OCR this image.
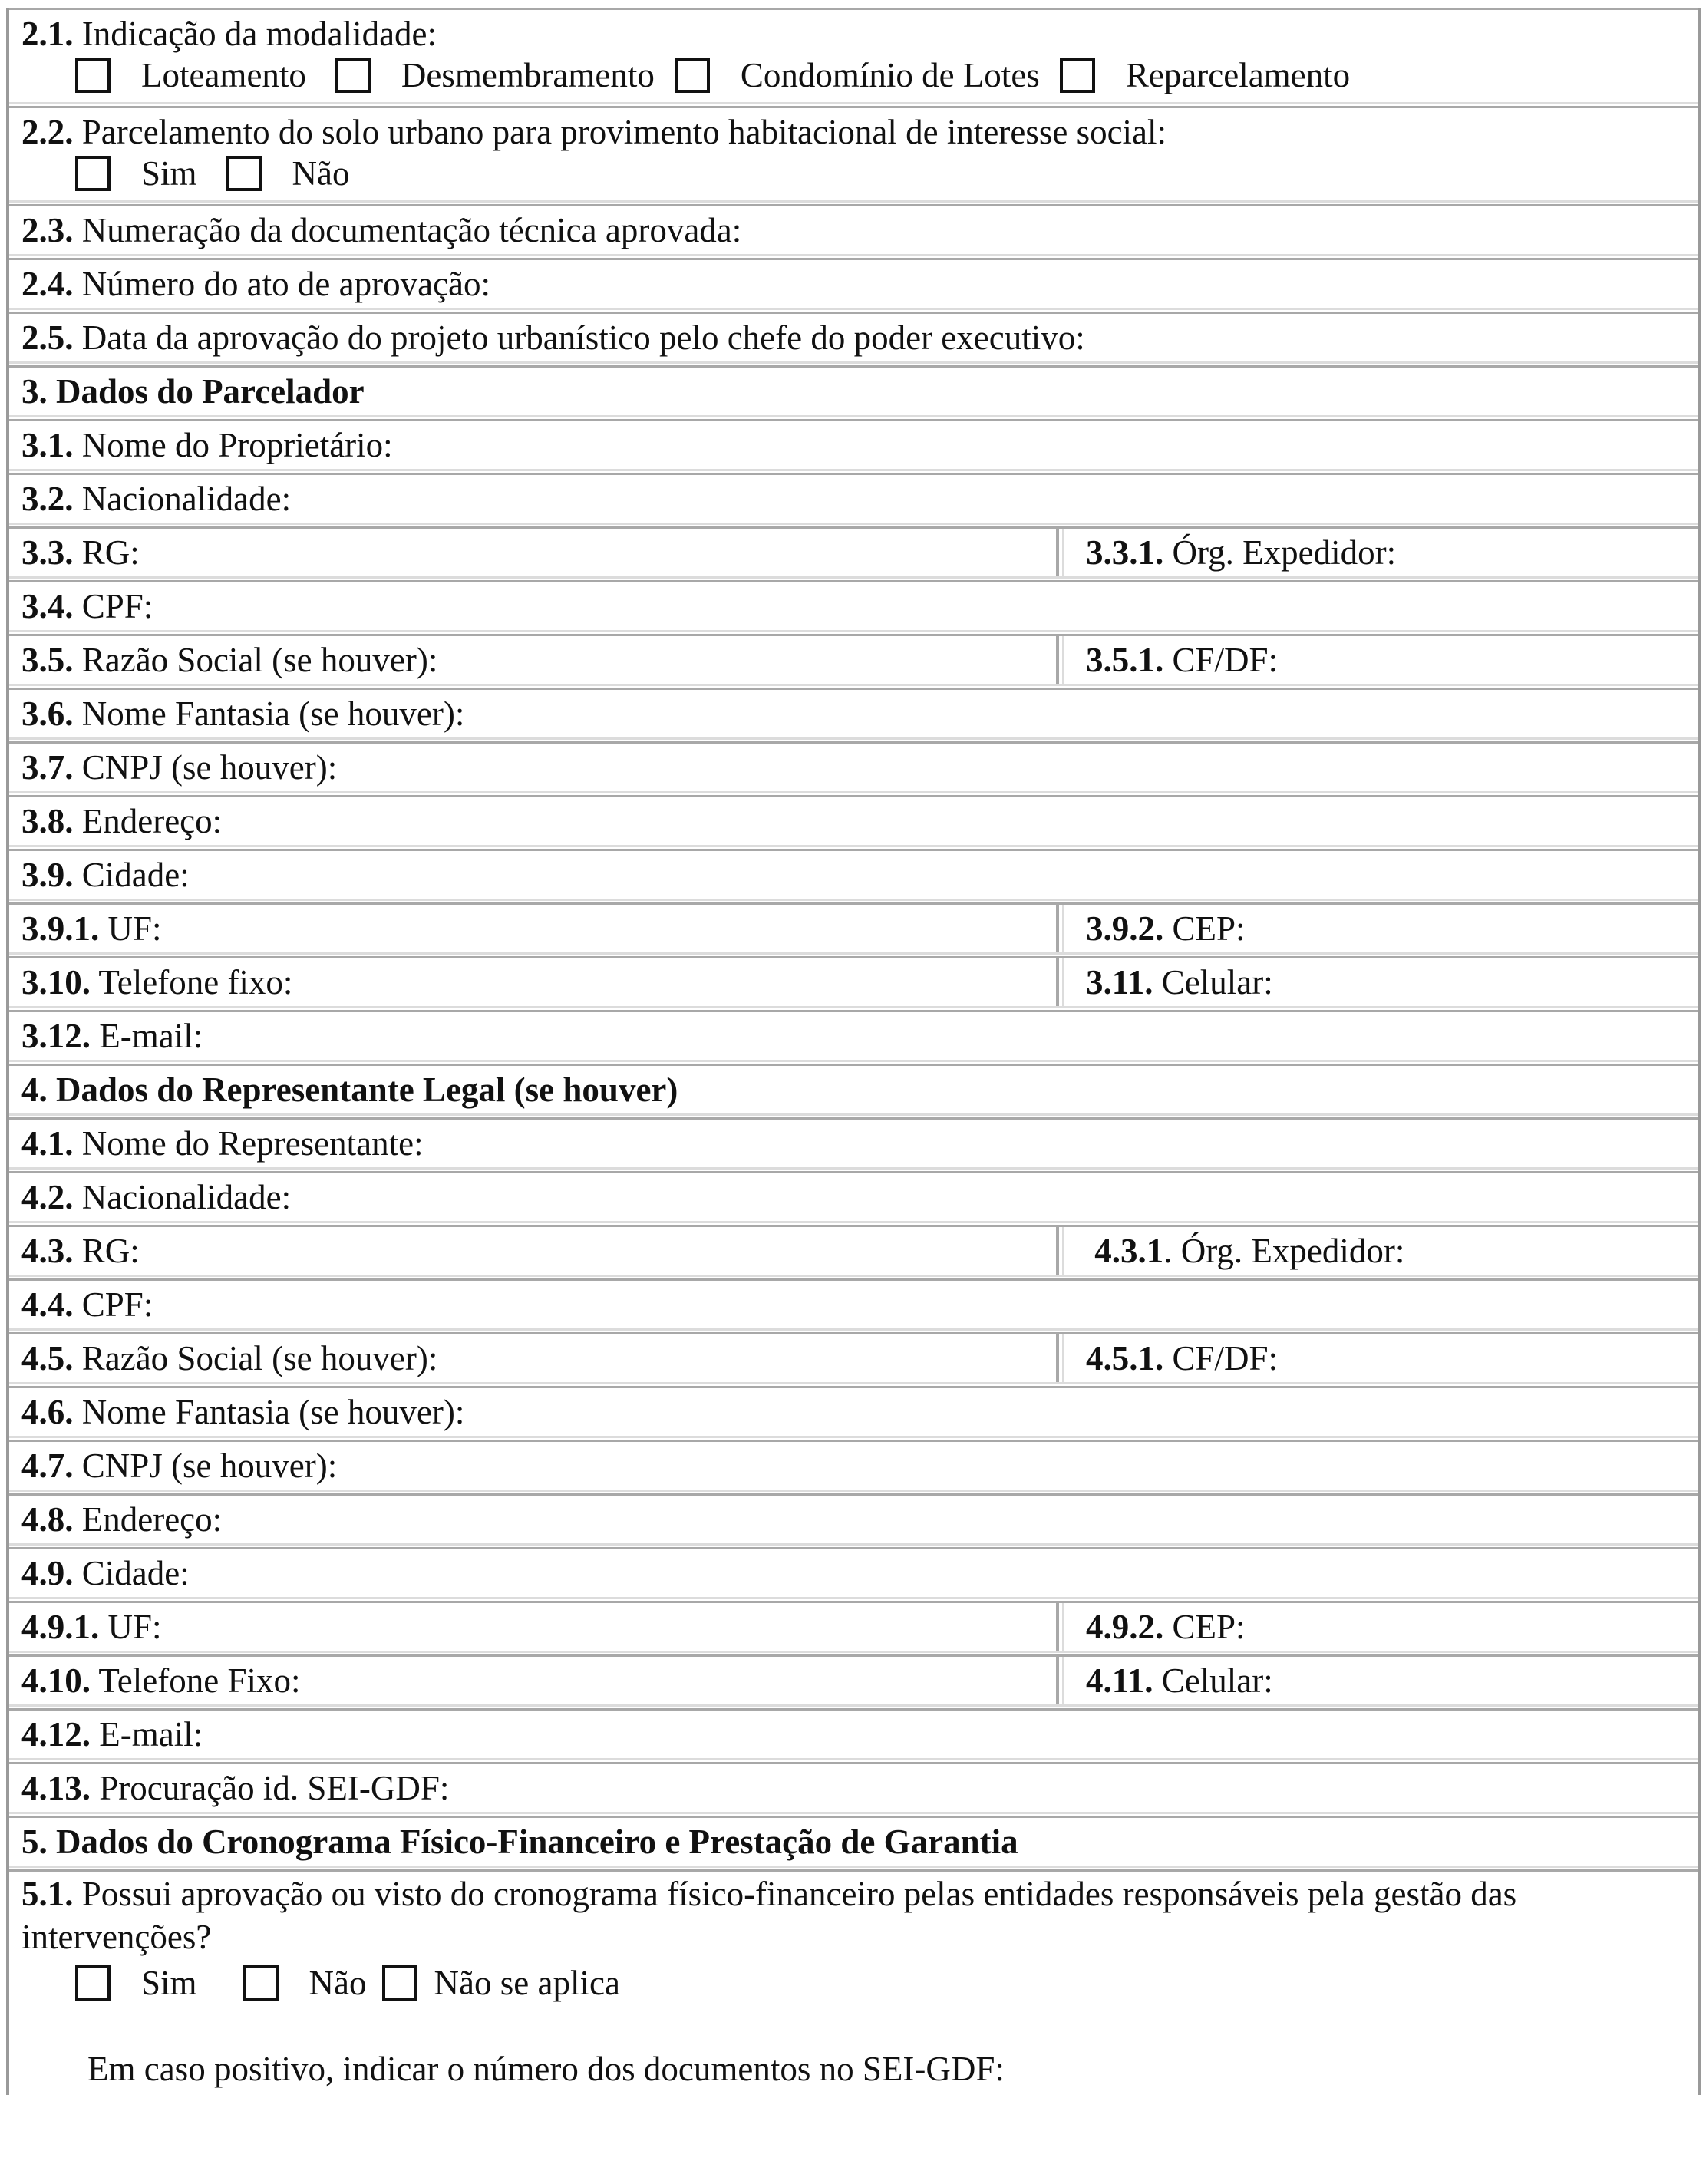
2.1. Indicação da modalidade:
Loteamento	Desmembramento Condomínio de Lotes Reparcelamento
2.2. Parcelamento do solo urbano para provimento habitacional de interesse social:
Sim	Não
2.3. Numeração da documentação técnica aprovada:
2.4. Número do ato de aprovação:
2.5. Data da aprovação do projeto urbanístico pelo chefe do poder executivo:
3. Dados do Parcelador
3.1. Nome do Proprietário:
3.2. Nacionalidade:
3.3. RG:	3.3.1. Órg. Expedidor:
3.4. CPF:
3.5. Razão Social (se houver):	3.5.1. CF/DF:
3.6. Nome Fantasia (se houver):
3.7. CNPJ (se houver):
3.8. Endereço:
3.9. Cidade:
3.9.1. UF:	3.9.2. CEP:
3.10. Telefone fixo:	3.11. Celular:
3.12. E-mail:
4. Dados do Representante Legal (se houver)
4.1. Nome do Representante:
4.2. Nacionalidade:
4.3. RG:	4.3.1. Órg. Expedidor:
4.4. CPF:
4.5. Razão Social (se houver):	4.5.1. CF/DF:
4.6. Nome Fantasia (se houver):
4.7. CNPJ (se houver):
4.8. Endereço:
4.9. Cidade:
4.9.1. UF:	4.9.2. CEP:
4.10. Telefone Fixo:	4.11. Celular:
4.12. E-mail:
4.13. Procuração id. SEI-GDF:
5. Dados do Cronograma Físico-Financeiro e Prestação de Garantia
5.1. Possui aprovação ou visto do cronograma físico-financeiro pelas entidades responsáveis pela gestão das
intervenções?
Sim	Não Não se aplica
Em caso positivo, indicar o número dos documentos no SEI-GDF:
